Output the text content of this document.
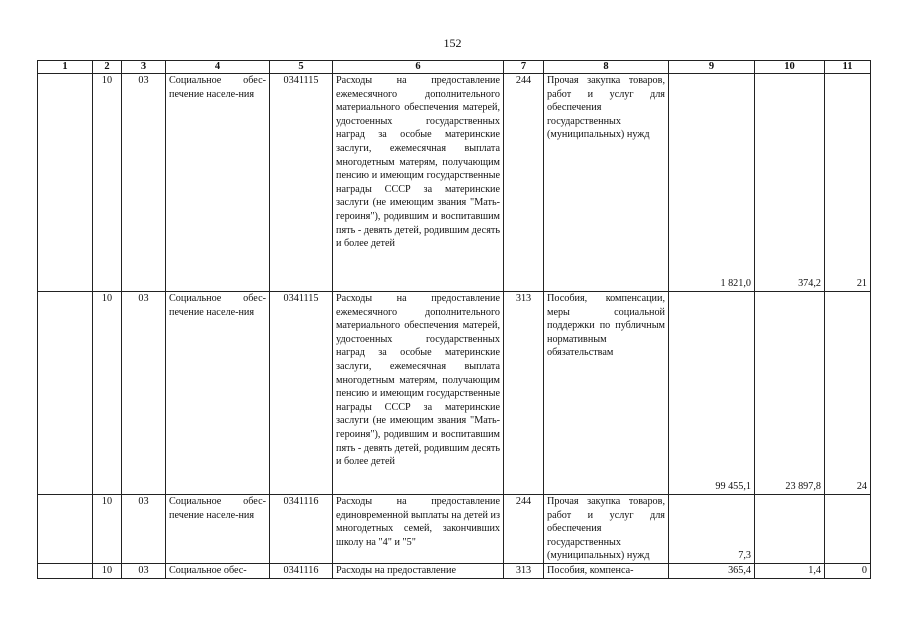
152
1	2	3	4	5	6	7	8	9	10	11
	10	03	Социальное обес-печение населе-ния	0341115	Расходы на предоставление ежемесячного дополнительного материального обеспечения матерей, удостоенных государственных наград за особые материнские заслуги, ежемесячная выплата многодетным матерям, получающим пенсию и имеющим государственные награды СССР за материнские заслуги (не имеющим звания "Мать-героиня"), родившим и воспитавшим пять - девять детей, родившим десять и более детей	244	Прочая закупка товаров, работ и услуг для обеспечения государственных (муниципальных) нужд	1 821,0	374,2	21
	10	03	Социальное обес-печение населе-ния	0341115	Расходы на предоставление ежемесячного дополнительного материального обеспечения матерей, удостоенных государственных наград за особые материнские заслуги, ежемесячная выплата многодетным матерям, получающим пенсию и имеющим государственные награды СССР за материнские заслуги (не имеющим звания "Мать-героиня"), родившим и воспитавшим пять - девять детей, родившим десять и более детей	313	Пособия, компенсации, меры социальной поддержки по публичным нормативным обязательствам	99 455,1	23 897,8	24
	10	03	Социальное обес-печение населе-ния	0341116	Расходы на предоставление единовременной выплаты на детей из многодетных семей, закончивших школу на "4" и "5"	244	Прочая закупка товаров, работ и услуг для обеспечения государственных (муниципальных) нужд	7,3		
	10	03	Социальное обес-	0341116	Расходы на предоставление	313	Пособия, компенса-	365,4	1,4	0
